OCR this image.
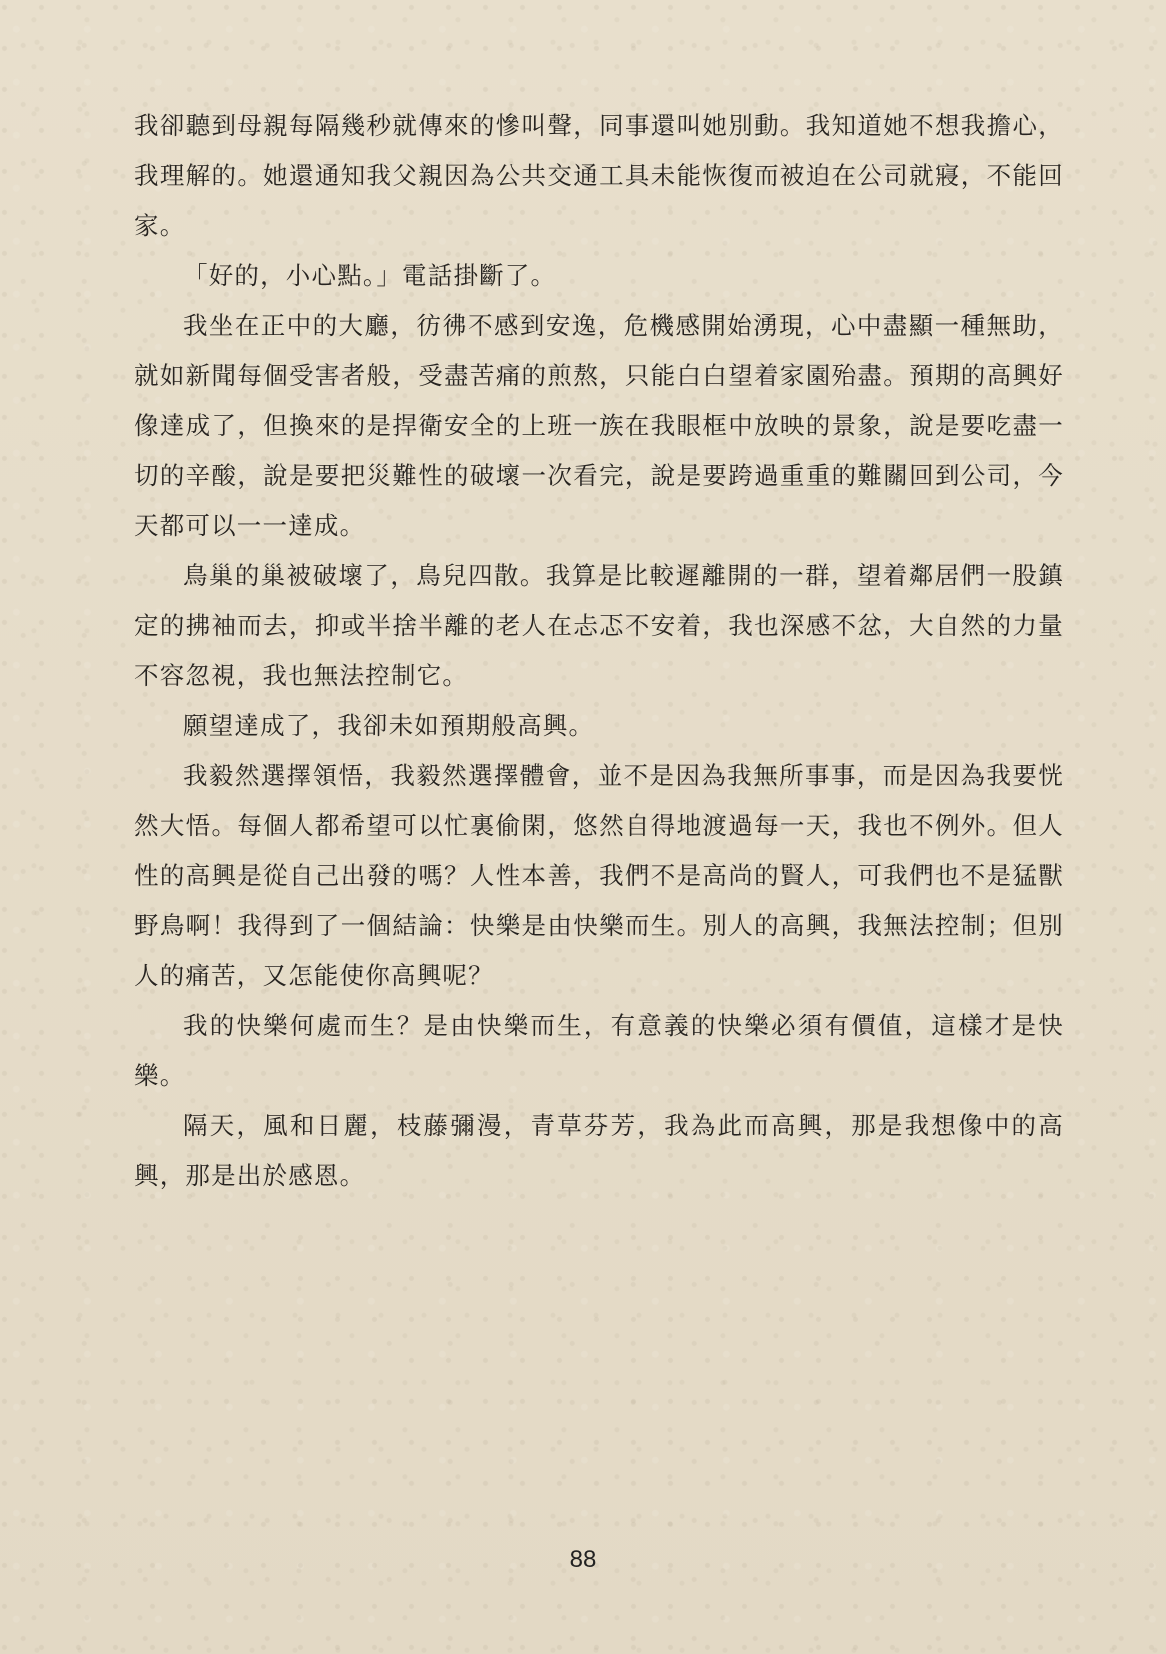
我卻聽到母親每隔幾秒就傳來的慘叫聲，同事還叫她別動。我知道她不想我擔心，我理解的。她還通知我父親因為公共交通工具未能恢復而被迫在公司就寢，不能回家。

「好的，小心點。」電話掛斷了。

我坐在正中的大廳，彷彿不感到安逸，危機感開始湧現，心中盡顯一種無助，就如新聞每個受害者般，受盡苦痛的煎熬，只能白白望着家園殆盡。預期的高興好像達成了，但換來的是捍衛安全的上班一族在我眼框中放映的景象，說是要吃盡一切的辛酸，說是要把災難性的破壞一次看完，說是要跨過重重的難關回到公司，今天都可以一一達成。

鳥巢的巢被破壞了，鳥兒四散。我算是比較遲離開的一群，望着鄰居們一股鎮定的拂袖而去，抑或半捨半離的老人在忐忑不安着，我也深感不忿，大自然的力量不容忽視，我也無法控制它。

願望達成了，我卻未如預期般高興。

我毅然選擇領悟，我毅然選擇體會，並不是因為我無所事事，而是因為我要恍然大悟。每個人都希望可以忙裏偷閑，悠然自得地渡過每一天，我也不例外。但人性的高興是從自己出發的嗎？人性本善，我們不是高尚的賢人，可我們也不是猛獸野鳥啊！我得到了一個結論：快樂是由快樂而生。別人的高興，我無法控制；但別人的痛苦，又怎能使你高興呢？

我的快樂何處而生？是由快樂而生，有意義的快樂必須有價值，這樣才是快樂。

隔天，風和日麗，枝藤彌漫，青草芬芳，我為此而高興，那是我想像中的高興，那是出於感恩。

88
